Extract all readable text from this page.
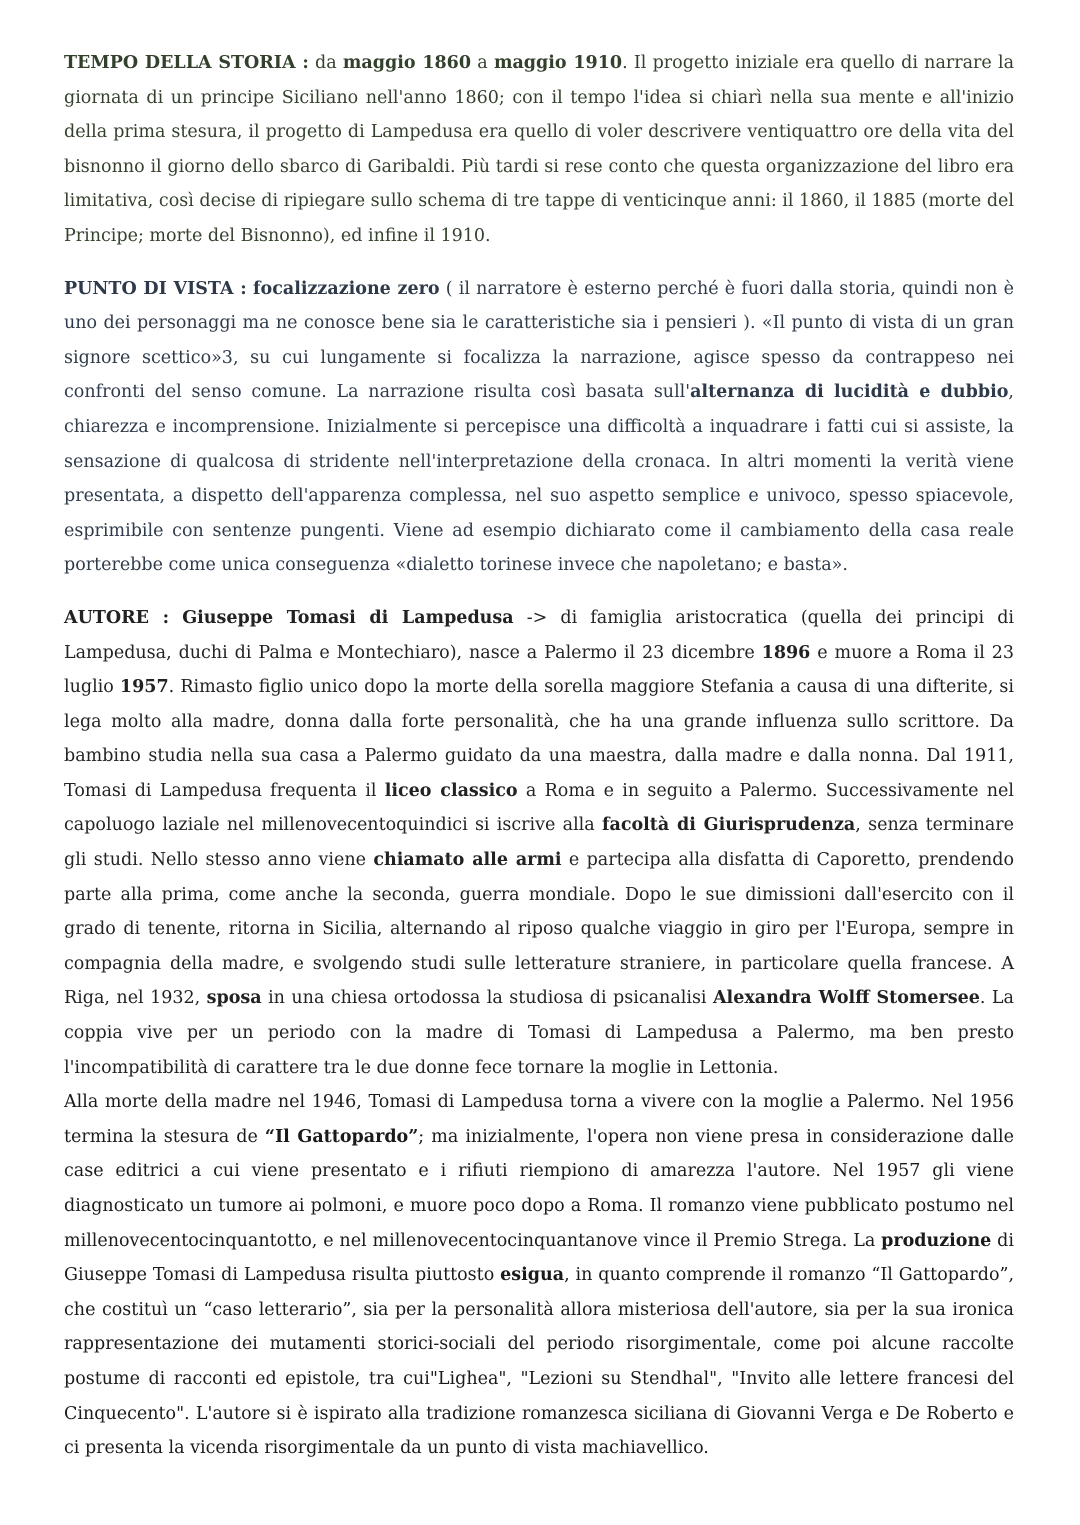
TEMPO DELLA STORIA : da maggio 1860 a maggio 1910. Il progetto iniziale era quello di narrare la giornata di un principe Siciliano nell'anno 1860; con il tempo l'idea si chiarì nella sua mente e all'inizio della prima stesura, il progetto di Lampedusa era quello di voler descrivere ventiquattro ore della vita del bisnonno il giorno dello sbarco di Garibaldi. Più tardi si rese conto che questa organizzazione del libro era limitativa, così decise di ripiegare sullo schema di tre tappe di venticinque anni: il 1860, il 1885 (morte del Principe; morte del Bisnonno), ed infine il 1910.

PUNTO DI VISTA : focalizzazione zero ( il narratore è esterno perché è fuori dalla storia, quindi non è uno dei personaggi ma ne conosce bene sia le caratteristiche sia i pensieri ). «Il punto di vista di un gran signore scettico»3, su cui lungamente si focalizza la narrazione, agisce spesso da contrappeso nei confronti del senso comune. La narrazione risulta così basata sull'alternanza di lucidità e dubbio, chiarezza e incomprensione. Inizialmente si percepisce una difficoltà a inquadrare i fatti cui si assiste, la sensazione di qualcosa di stridente nell'interpretazione della cronaca. In altri momenti la verità viene presentata, a dispetto dell'apparenza complessa, nel suo aspetto semplice e univoco, spesso spiacevole, esprimibile con sentenze pungenti. Viene ad esempio dichiarato come il cambiamento della casa reale porterebbe come unica conseguenza «dialetto torinese invece che napoletano; e basta».

AUTORE : Giuseppe Tomasi di Lampedusa -> di famiglia aristocratica (quella dei principi di Lampedusa, duchi di Palma e Montechiaro), nasce a Palermo il 23 dicembre 1896 e muore a Roma il 23 luglio 1957. Rimasto figlio unico dopo la morte della sorella maggiore Stefania a causa di una difterite, si lega molto alla madre, donna dalla forte personalità, che ha una grande influenza sullo scrittore. Da bambino studia nella sua casa a Palermo guidato da una maestra, dalla madre e dalla nonna. Dal 1911, Tomasi di Lampedusa frequenta il liceo classico a Roma e in seguito a Palermo. Successivamente nel capoluogo laziale nel millenovecentoquindici si iscrive alla facoltà di Giurisprudenza, senza terminare gli studi. Nello stesso anno viene chiamato alle armi e partecipa alla disfatta di Caporetto, prendendo parte alla prima, come anche la seconda, guerra mondiale. Dopo le sue dimissioni dall'esercito con il grado di tenente, ritorna in Sicilia, alternando al riposo qualche viaggio in giro per l'Europa, sempre in compagnia della madre, e svolgendo studi sulle letterature straniere, in particolare quella francese. A Riga, nel 1932, sposa in una chiesa ortodossa la studiosa di psicanalisi Alexandra Wolff Stomersee. La coppia vive per un periodo con la madre di Tomasi di Lampedusa a Palermo, ma ben presto l'incompatibilità di carattere tra le due donne fece tornare la moglie in Lettonia.

Alla morte della madre nel 1946, Tomasi di Lampedusa torna a vivere con la moglie a Palermo. Nel 1956 termina la stesura de “Il Gattopardo”; ma inizialmente, l'opera non viene presa in considerazione dalle case editrici a cui viene presentato e i rifiuti riempiono di amarezza l'autore. Nel 1957 gli viene diagnosticato un tumore ai polmoni, e muore poco dopo a Roma. Il romanzo viene pubblicato postumo nel millenovecentocinquantotto, e nel millenovecentocinquantanove vince il Premio Strega. La produzione di Giuseppe Tomasi di Lampedusa risulta piuttosto esigua, in quanto comprende il romanzo “Il Gattopardo”, che costituì un “caso letterario”, sia per la personalità allora misteriosa dell'autore, sia per la sua ironica rappresentazione dei mutamenti storici-sociali del periodo risorgimentale, come poi alcune raccolte postume di racconti ed epistole, tra cui"Lighea", "Lezioni su Stendhal", "Invito alle lettere francesi del Cinquecento". L'autore si è ispirato alla tradizione romanzesca siciliana di Giovanni Verga e De Roberto e ci presenta la vicenda risorgimentale da un punto di vista machiavellico.
